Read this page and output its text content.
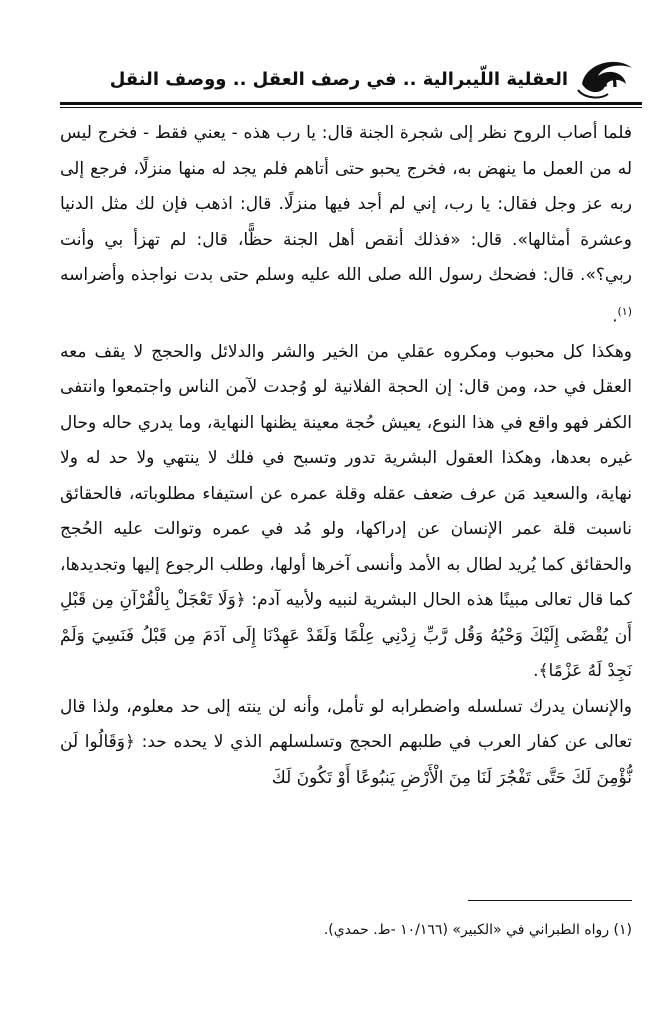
١٤١
العقلية اللّيبرالية .. في رصف العقل .. ووصف النقل

فلما أصاب الروح نظر إلى شجرة الجنة قال: يا رب هذه - يعني فقط - فخرج ليس له من العمل ما ينهض به، فخرج يحبو حتى أتاهم فلم يجد له منها منزلًا، فرجع إلى ربه عز وجل فقال: يا رب، إني لم أجد فيها منزلًا. قال: اذهب فإن لك مثل الدنيا وعشرة أمثالها». قال: «فذلك أنقص أهل الجنة حظًّا، قال: لم تهزأ بي وأنت ربي؟». قال: فضحك رسول الله صلى الله عليه وسلم حتى بدت نواجذه وأضراسه $^{(١)}$.

وهكذا كل محبوب ومكروه عقلي من الخير والشر والدلائل والحجج لا يقف معه العقل في حد، ومن قال: إن الحجة الفلانية لو وُجدت لآمن الناس واجتمعوا وانتفى الكفر فهو واقع في هذا النوع، يعيش حُجة معينة يظنها النهاية، وما يدري حاله وحال غيره بعدها، وهكذا العقول البشرية تدور وتسبح في فلك لا ينتهي ولا حد له ولا نهاية، والسعيد مَن عرف ضعف عقله وقلة عمره عن استيفاء مطلوباته، فالحقائق ناسبت قلة عمر الإنسان عن إدراكها، ولو مُد في عمره وتوالت عليه الحُجج والحقائق كما يُريد لطال به الأمد وأنسى آخرها أولها، وطلب الرجوع إليها وتجديدها، كما قال تعالى مبينًا هذه الحال البشرية لنبيه ولأبيه آدم: ﴿وَلَا تَعْجَلْ بِالْقُرْآنِ مِن قَبْلِ أَن يُقْضَى إِلَيْكَ وَحْيُهُ وَقُل رَّبِّ زِدْنِي عِلْمًا وَلَقَدْ عَهِدْنَا إِلَى آدَمَ مِن قَبْلُ فَنَسِيَ وَلَمْ نَجِدْ لَهُ عَزْمًا﴾.

والإنسان يدرك تسلسله واضطرابه لو تأمل، وأنه لن ينته إلى حد معلوم، ولذا قال تعالى عن كفار العرب في طلبهم الحجج وتسلسلهم الذي لا يحده حد: ﴿وَقَالُوا لَن نُّؤْمِنَ لَكَ حَتَّى تَفْجُرَ لَنَا مِنَ الْأَرْضِ يَنبُوعًا أَوْ تَكُونَ لَكَ

(١) رواه الطبراني في «الكبير» (١٠/١٦٦ -ط. حمدي).
